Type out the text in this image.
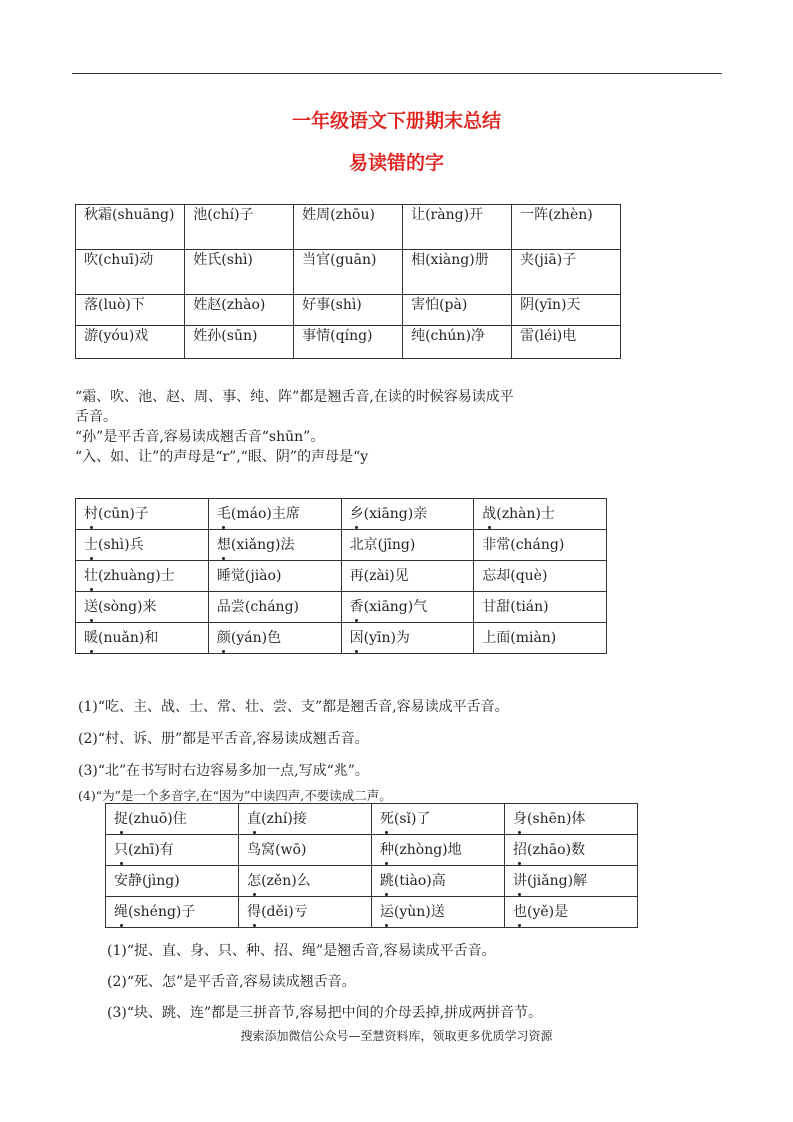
一年级语文下册期末总结
易读错的字
秋霜(shuāng)	池(chí)子	姓周(zhōu)	让(ràng)开	一阵(zhèn)
吹(chuī)动	姓氏(shì)	当官(guān)	相(xiàng)册	夹(jiā)子
落(luò)下	姓赵(zhào)	好事(shì)	害怕(pà)	阴(yīn)天
游(yóu)戏	姓孙(sūn)	事情(qíng)	纯(chún)净	雷(léi)电
“霜、吹、池、赵、周、事、纯、阵”都是翘舌音,在读的时候容易读成平
舌音。
“孙”是平舌音,容易读成翘舌音“shūn”。
“入、如、让”的声母是“r”,“眼、阴”的声母是“y
村(cūn)子	毛(máo)主席	乡(xiāng)亲	战(zhàn)士
士(shì)兵	想(xiǎng)法	北京(jīng)	非常(cháng)
壮(zhuàng)士	睡觉(jiào)	再(zài)见	忘却(què)
送(sòng)来	品尝(cháng)	香(xiāng)气	甘甜(tián)
暖(nuǎn)和	颜(yán)色	因(yīn)为	上面(miàn)
(1)“吃、主、战、士、常、壮、尝、支”都是翘舌音,容易读成平舌音。
(2)“村、诉、册”都是平舌音,容易读成翘舌音。
(3)“北”在书写时右边容易多加一点,写成“兆”。
(4)“为”是一个多音字,在“因为”中读四声,不要读成二声。
捉(zhuō)住	直(zhí)接	死(sǐ)了	身(shēn)体
只(zhī)有	鸟窝(wō)	种(zhòng)地	招(zhāo)数
安静(jìng)	怎(zěn)么	跳(tiào)高	讲(jiǎng)解
绳(shéng)子	得(děi)亏	运(yùn)送	也(yě)是
(1)“捉、直、身、只、种、招、绳”是翘舌音,容易读成平舌音。
(2)“死、怎”是平舌音,容易读成翘舌音。
(3)“块、跳、连”都是三拼音节,容易把中间的介母丢掉,拼成两拼音节。
搜索添加微信公众号—至慧资料库，领取更多优质学习资源
